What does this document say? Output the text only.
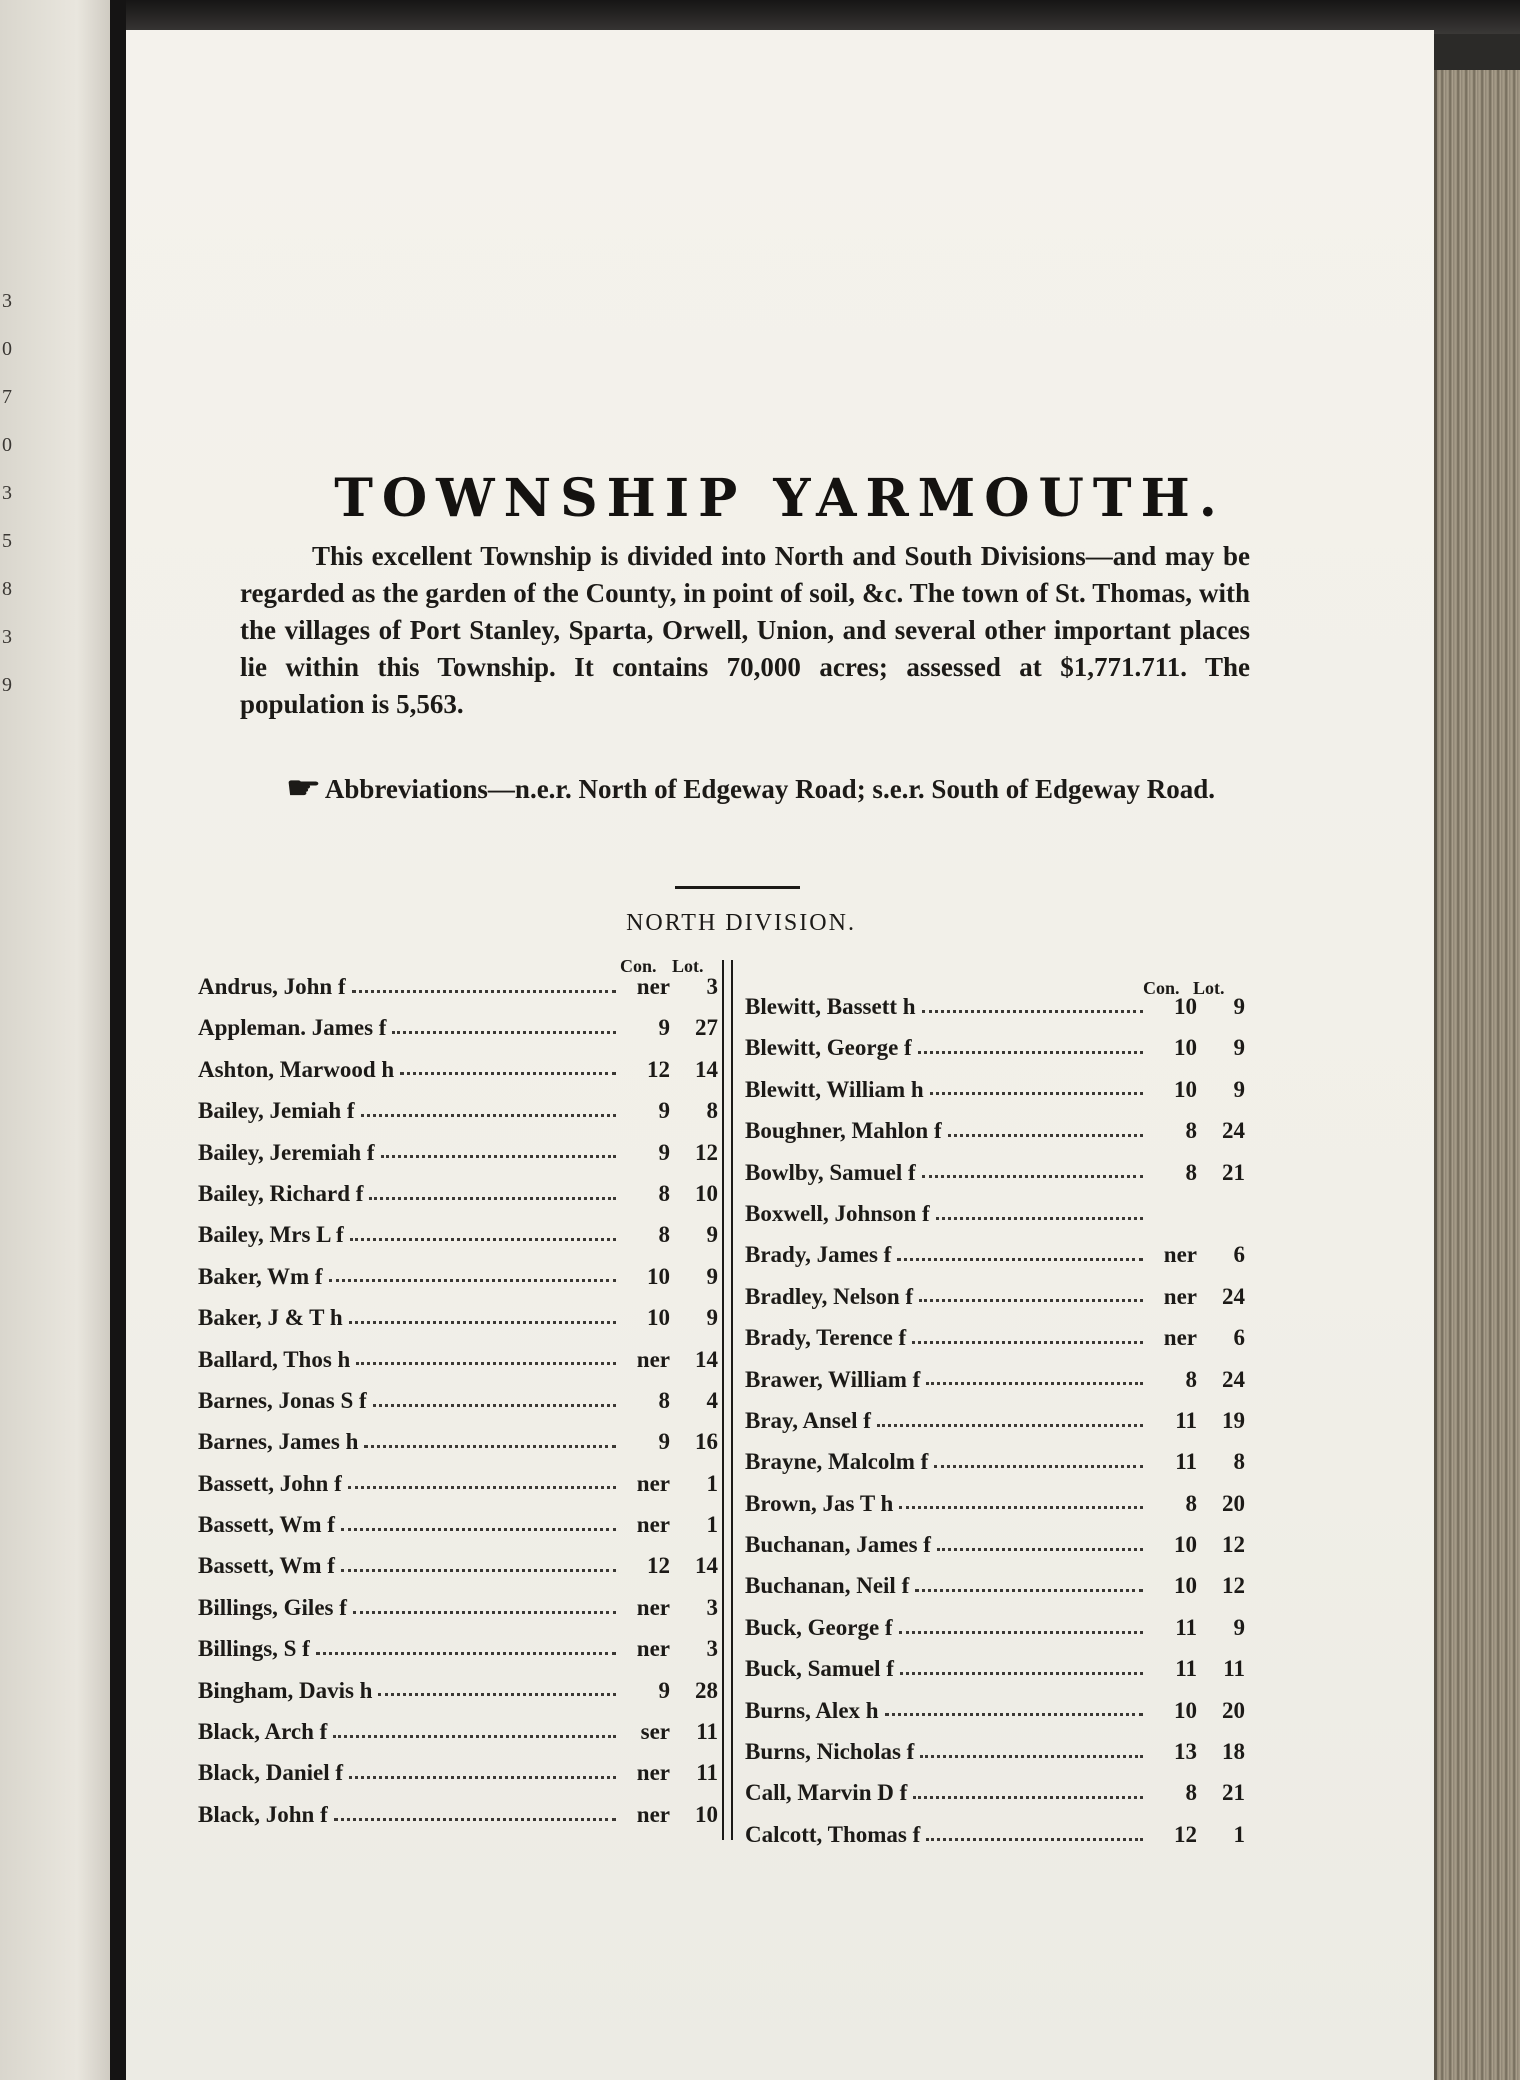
3
0
7
0
3
5
8
3
9
TOWNSHIP YARMOUTH.

This excellent Township is divided into North and South Divisions—and may be regarded as the garden of the County, in point of soil, &c. The town of St. Thomas, with the villages of Port Stanley, Sparta, Orwell, Union, and several other important places lie within this Township. It contains 70,000 acres; assessed at $1,771.711. The population is 5,563.

☛ Abbreviations—n.e.r. North of Edgeway Road; s.e.r. South of Edgeway Road.

NORTH DIVISION.
Con. Lot.
Con. Lot.
Andrus, John f	ner	3
Appleman. James f	9	27
Ashton, Marwood h	12	14
Bailey, Jemiah f	9	8
Bailey, Jeremiah f	9	12
Bailey, Richard f	8	10
Bailey, Mrs L f	8	9
Baker, Wm f	10	9
Baker, J & T h	10	9
Ballard, Thos h	ner	14
Barnes, Jonas S f	8	4
Barnes, James h	9	16
Bassett, John f	ner	1
Bassett, Wm f	ner	1
Bassett, Wm f	12	14
Billings, Giles f	ner	3
Billings, S f	ner	3
Bingham, Davis h	9	28
Black, Arch f	ser	11
Black, Daniel f	ner	11
Black, John f	ner	10
Blewitt, Bassett h	10	9
Blewitt, George f	10	9
Blewitt, William h	10	9
Boughner, Mahlon f	8	24
Bowlby, Samuel f	8	21
Boxwell, Johnson f
Brady, James f	ner	6
Bradley, Nelson f	ner	24
Brady, Terence f	ner	6
Brawer, William f	8	24
Bray, Ansel f	11	19
Brayne, Malcolm f	11	8
Brown, Jas T h	8	20
Buchanan, James f	10	12
Buchanan, Neil f	10	12
Buck, George f	11	9
Buck, Samuel f	11	11
Burns, Alex h	10	20
Burns, Nicholas f	13	18
Call, Marvin D f	8	21
Calcott, Thomas f	12	1
